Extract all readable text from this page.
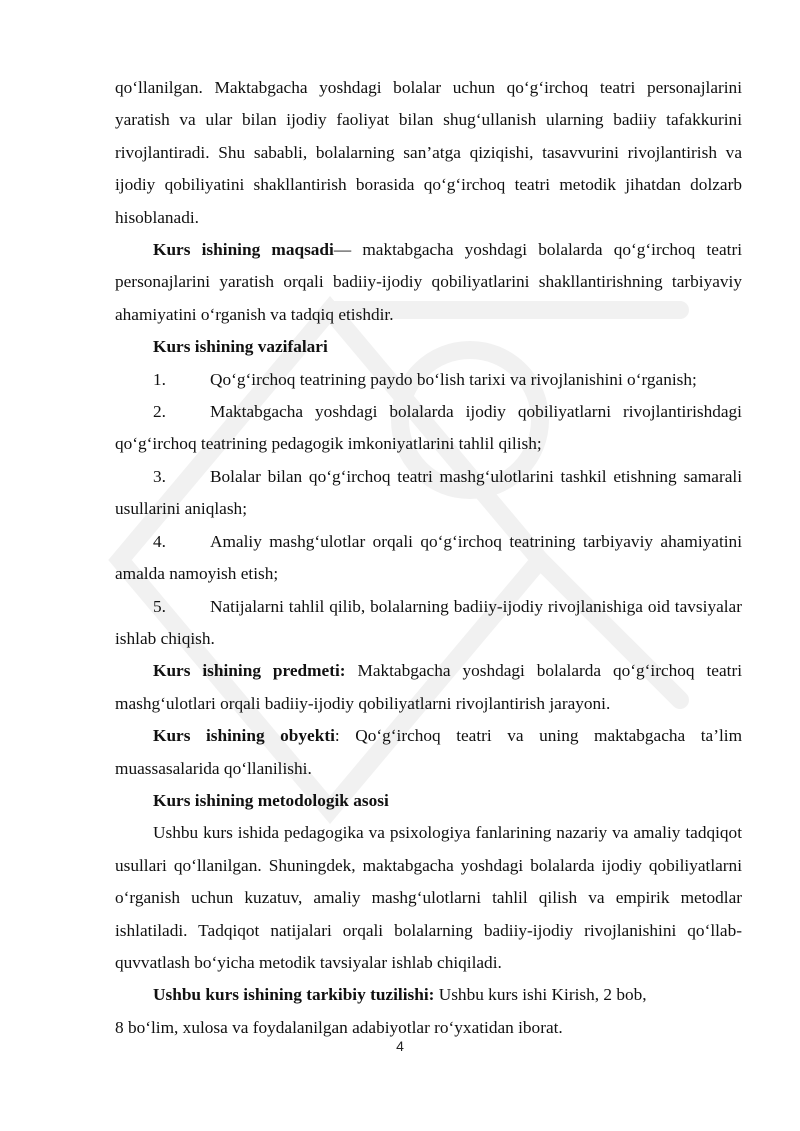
qo‘llanilgan. Maktabgacha yoshdagi bolalar uchun qo‘g‘irchoq teatri personajlarini yaratish va ular bilan ijodiy faoliyat bilan shug‘ullanish ularning badiiy tafakkurini rivojlantiradi. Shu sababli, bolalarning san’atga qiziqishi, tasavvurini rivojlantirish va ijodiy qobiliyatini shakllantirish borasida qo‘g‘irchoq teatri metodik jihatdan dolzarb hisoblanadi.

Kurs ishining maqsadi— maktabgacha yoshdagi bolalarda qo‘g‘irchoq teatri personajlarini yaratish orqali badiiy-ijodiy qobiliyatlarini shakllantirishning tarbiyaviy ahamiyatini o‘rganish va tadqiq etishdir.

Kurs ishining vazifalari

1.	Qo‘g‘irchoq teatrining paydo bo‘lish tarixi va rivojlanishini o‘rganish;

2.	Maktabgacha yoshdagi bolalarda ijodiy qobiliyatlarni rivojlantirishdagi qo‘g‘irchoq teatrining pedagogik imkoniyatlarini tahlil qilish;

3.	Bolalar bilan qo‘g‘irchoq teatri mashg‘ulotlarini tashkil etishning samarali usullarini aniqlash;

4.	Amaliy mashg‘ulotlar orqali qo‘g‘irchoq teatrining tarbiyaviy ahamiyatini amalda namoyish etish;

5.	Natijalarni tahlil qilib, bolalarning badiiy-ijodiy rivojlanishiga oid tavsiyalar ishlab chiqish.

Kurs ishining predmeti: Maktabgacha yoshdagi bolalarda qo‘g‘irchoq teatri mashg‘ulotlari orqali badiiy-ijodiy qobiliyatlarni rivojlantirish jarayoni.

Kurs ishining obyekti: Qo‘g‘irchoq teatri va uning maktabgacha ta’lim muassasalarida qo‘llanilishi.

Kurs ishining metodologik asosi

Ushbu kurs ishida pedagogika va psixologiya fanlarining nazariy va amaliy tadqiqot usullari qo‘llanilgan. Shuningdek, maktabgacha yoshdagi bolalarda ijodiy qobiliyatlarni o‘rganish uchun kuzatuv, amaliy mashg‘ulotlarni tahlil qilish va empirik metodlar ishlatiladi. Tadqiqot natijalari orqali bolalarning badiiy-ijodiy rivojlanishini qo‘llab-quvvatlash bo‘yicha metodik tavsiyalar ishlab chiqiladi.

Ushbu kurs ishining tarkibiy tuzilishi: Ushbu kurs ishi Kirish, 2 bob,

8 bo‘lim, xulosa va foydalanilgan adabiyotlar ro‘yxatidan iborat.

4
